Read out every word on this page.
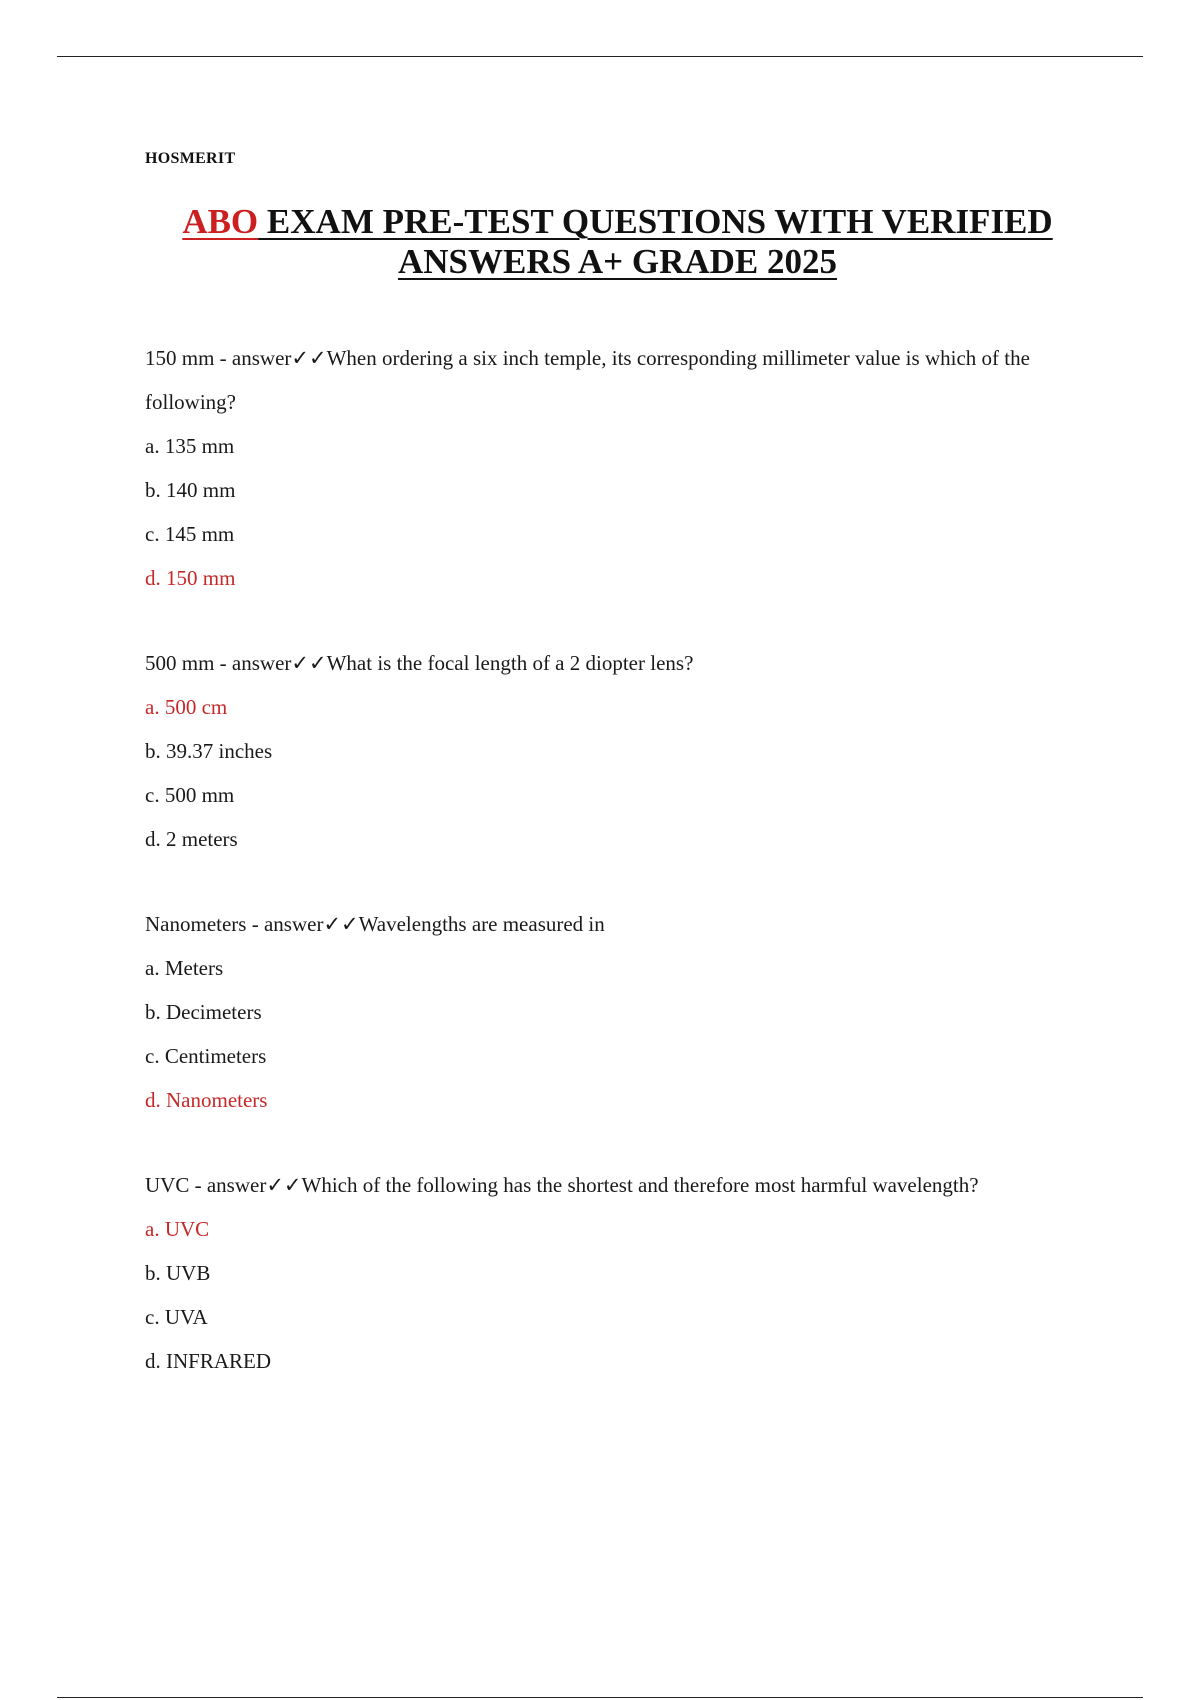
HOSMERIT
ABO EXAM PRE-TEST QUESTIONS WITH VERIFIED
ANSWERS A+ GRADE 2025

150 mm - answer✓✓When ordering a six inch temple, its corresponding millimeter value is which of the following?

a. 135 mm

b. 140 mm

c. 145 mm

d. 150 mm

500 mm - answer✓✓What is the focal length of a 2 diopter lens?

a. 500 cm

b. 39.37 inches

c. 500 mm

d. 2 meters

Nanometers - answer✓✓Wavelengths are measured in

a. Meters

b. Decimeters

c. Centimeters

d. Nanometers

UVC - answer✓✓Which of the following has the shortest and therefore most harmful wavelength?

a. UVC

b. UVB

c. UVA

d. INFRARED
